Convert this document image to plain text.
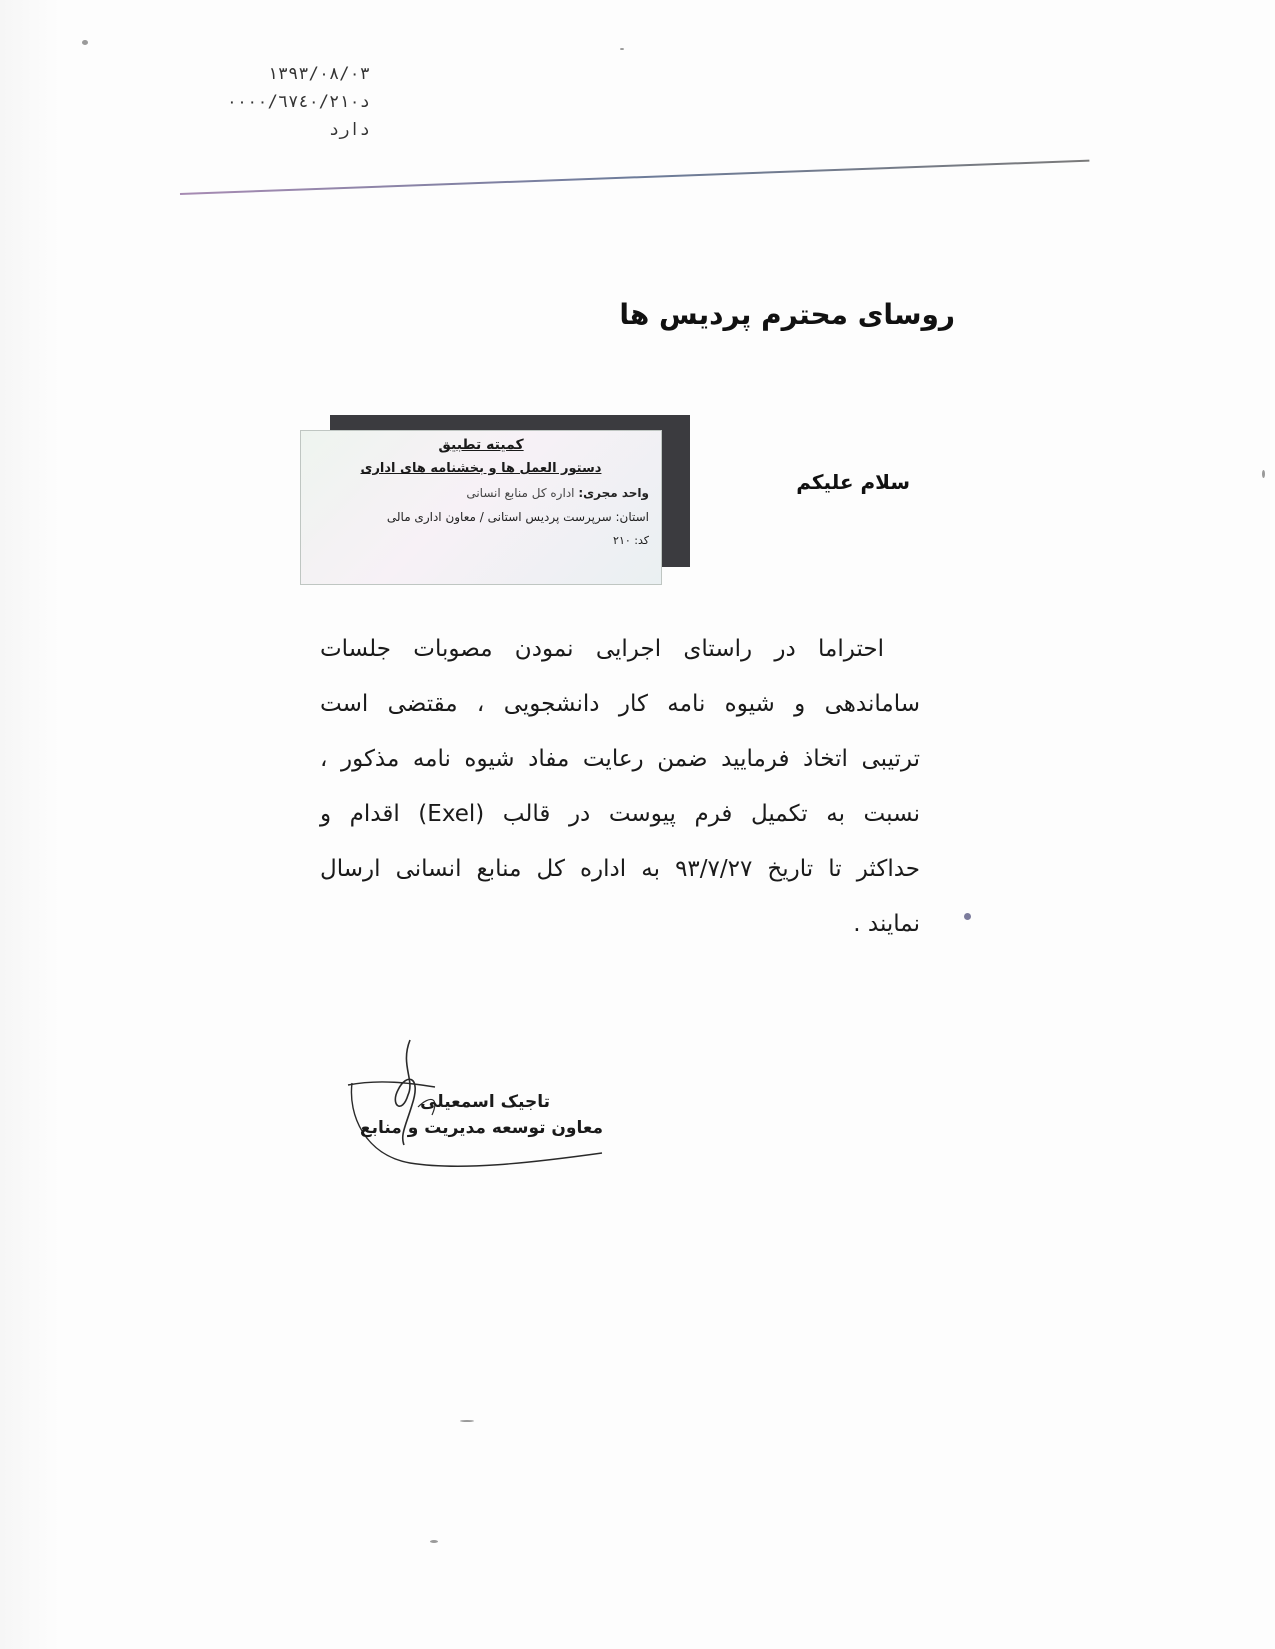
۱۳۹۳/۰۸/۰۳
د۰۰۰۰/٦٧٤٠/۲۱۰
دارد
روسای محترم پردیس ها
سلام علیکم
کمیته تطبیق
دستور العمل ها و بخشنامه های اداری
واحد مجری: اداره کل منابع انسانی
استان: سرپرست پردیس استانی / معاون اداری مالی
کد: ۲۱۰
احتراما در راستای اجرایی نمودن مصوبات جلسات
ساماندهی و شیوه نامه کار دانشجویی ، مقتضی است
ترتیبی اتخاذ فرمایید ضمن رعایت مفاد شیوه نامه مذکور ،
نسبت به تکمیل فرم پیوست در قالب (Exel) اقدام و
حداکثر تا تاریخ ۹۳/۷/۲۷ به اداره کل منابع انسانی ارسال
نمایند .
تاجیک اسمعیلی
معاون توسعه مدیریت و منابع
